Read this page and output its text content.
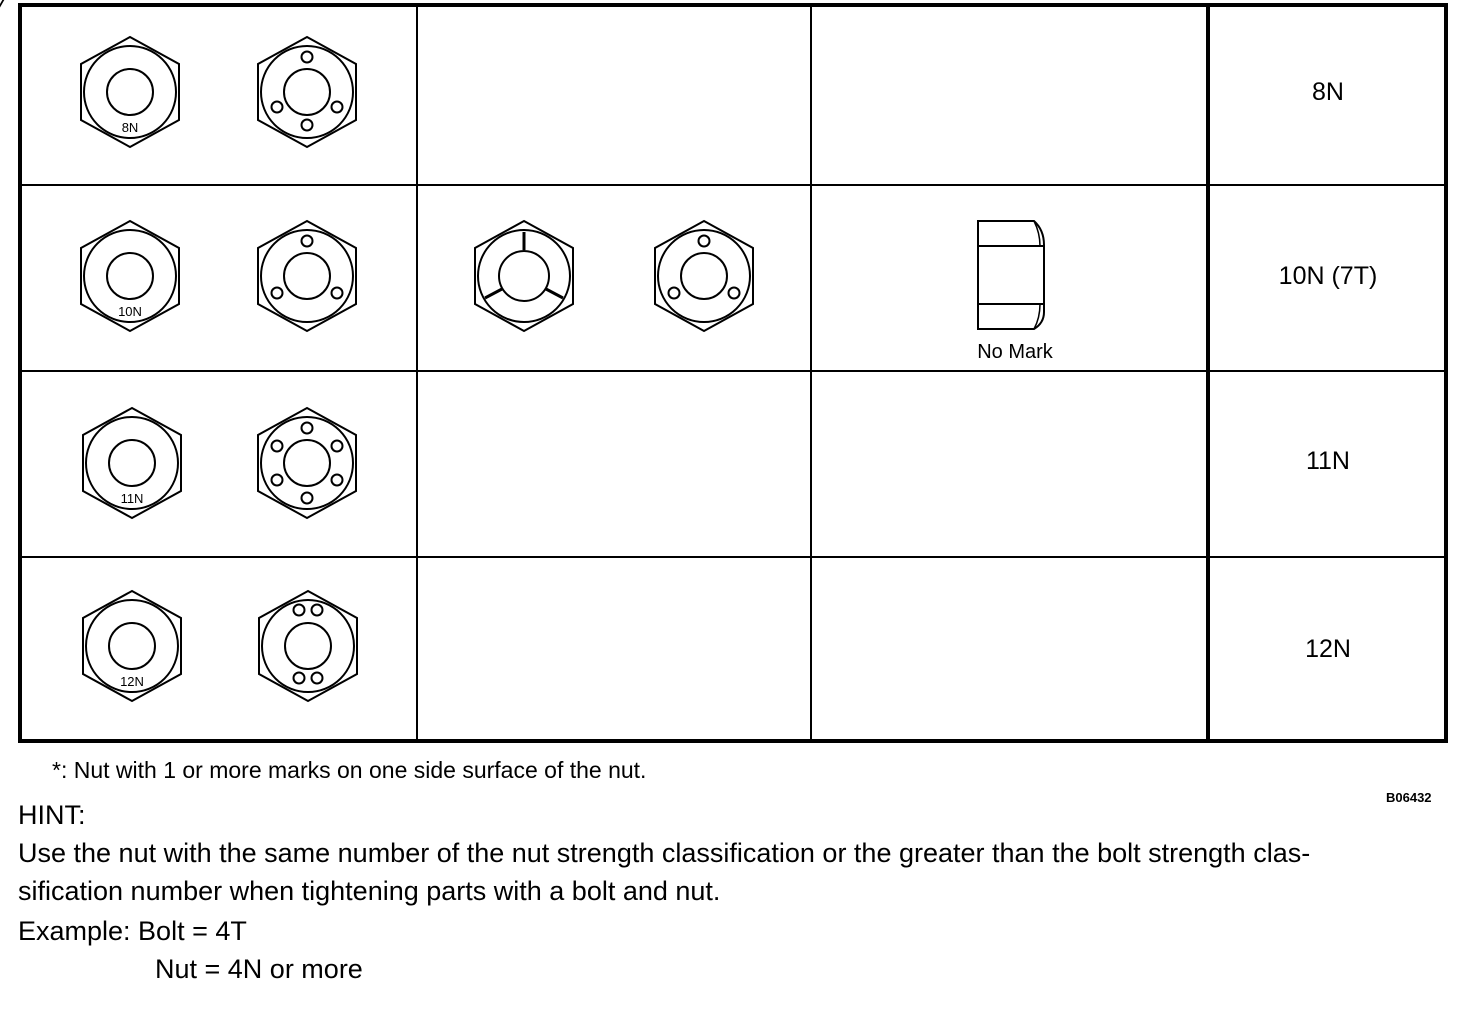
8N
10N
11N
12N
8N
10N (7T)
11N
12N
No Mark
*: Nut with 1 or more marks on one side surface of the nut.
B06432
HINT:
Use the nut with the same number of the nut strength classification or the greater than the bolt strength clas-
sification number when tightening parts with a bolt and nut.
Example: Bolt = 4T
Nut = 4N or more
